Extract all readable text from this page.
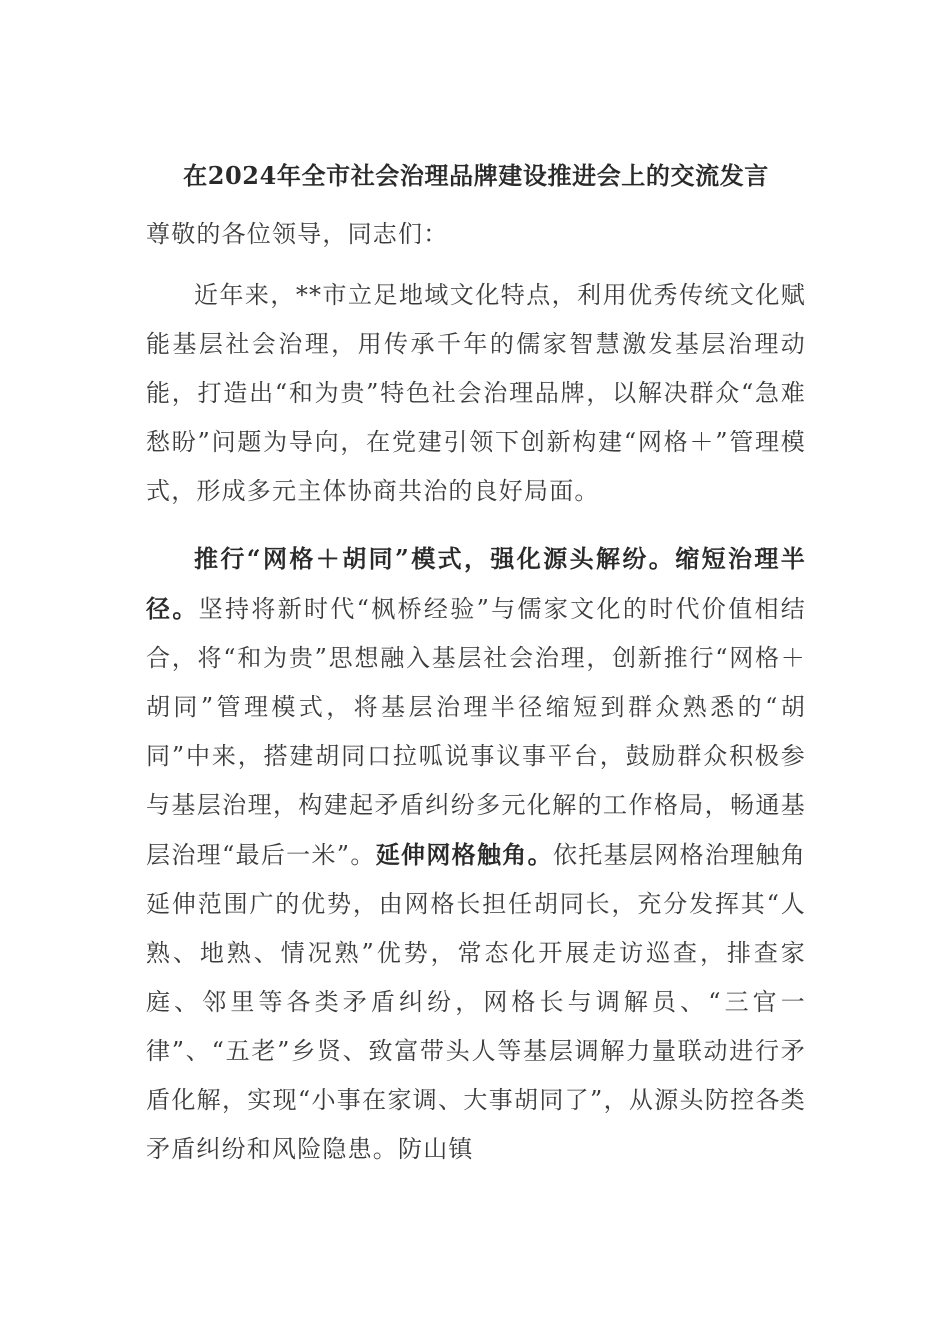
在2024年全市社会治理品牌建设推进会上的交流发言

尊敬的各位领导，同志们：

近年来，**市立足地域文化特点，利用优秀传统文化赋能基层社会治理，用传承千年的儒家智慧激发基层治理动能，打造出“和为贵”特色社会治理品牌，以解决群众“急难愁盼”问题为导向，在党建引领下创新构建“网格＋”管理模式，形成多元主体协商共治的良好局面。

推行“网格＋胡同”模式，强化源头解纷。缩短治理半径。坚持将新时代“枫桥经验”与儒家文化的时代价值相结合，将“和为贵”思想融入基层社会治理，创新推行“网格＋胡同”管理模式，将基层治理半径缩短到群众熟悉的“胡同”中来，搭建胡同口拉呱说事议事平台，鼓励群众积极参与基层治理，构建起矛盾纠纷多元化解的工作格局，畅通基层治理“最后一米”。延伸网格触角。依托基层网格治理触角延伸范围广的优势，由网格长担任胡同长，充分发挥其“人熟、地熟、情况熟”优势，常态化开展走访巡查，排查家庭、邻里等各类矛盾纠纷，网格长与调解员、“三官一律”、“五老”乡贤、致富带头人等基层调解力量联动进行矛盾化解，实现“小事在家调、大事胡同了”，从源头防控各类矛盾纠纷和风险隐患。防山镇
